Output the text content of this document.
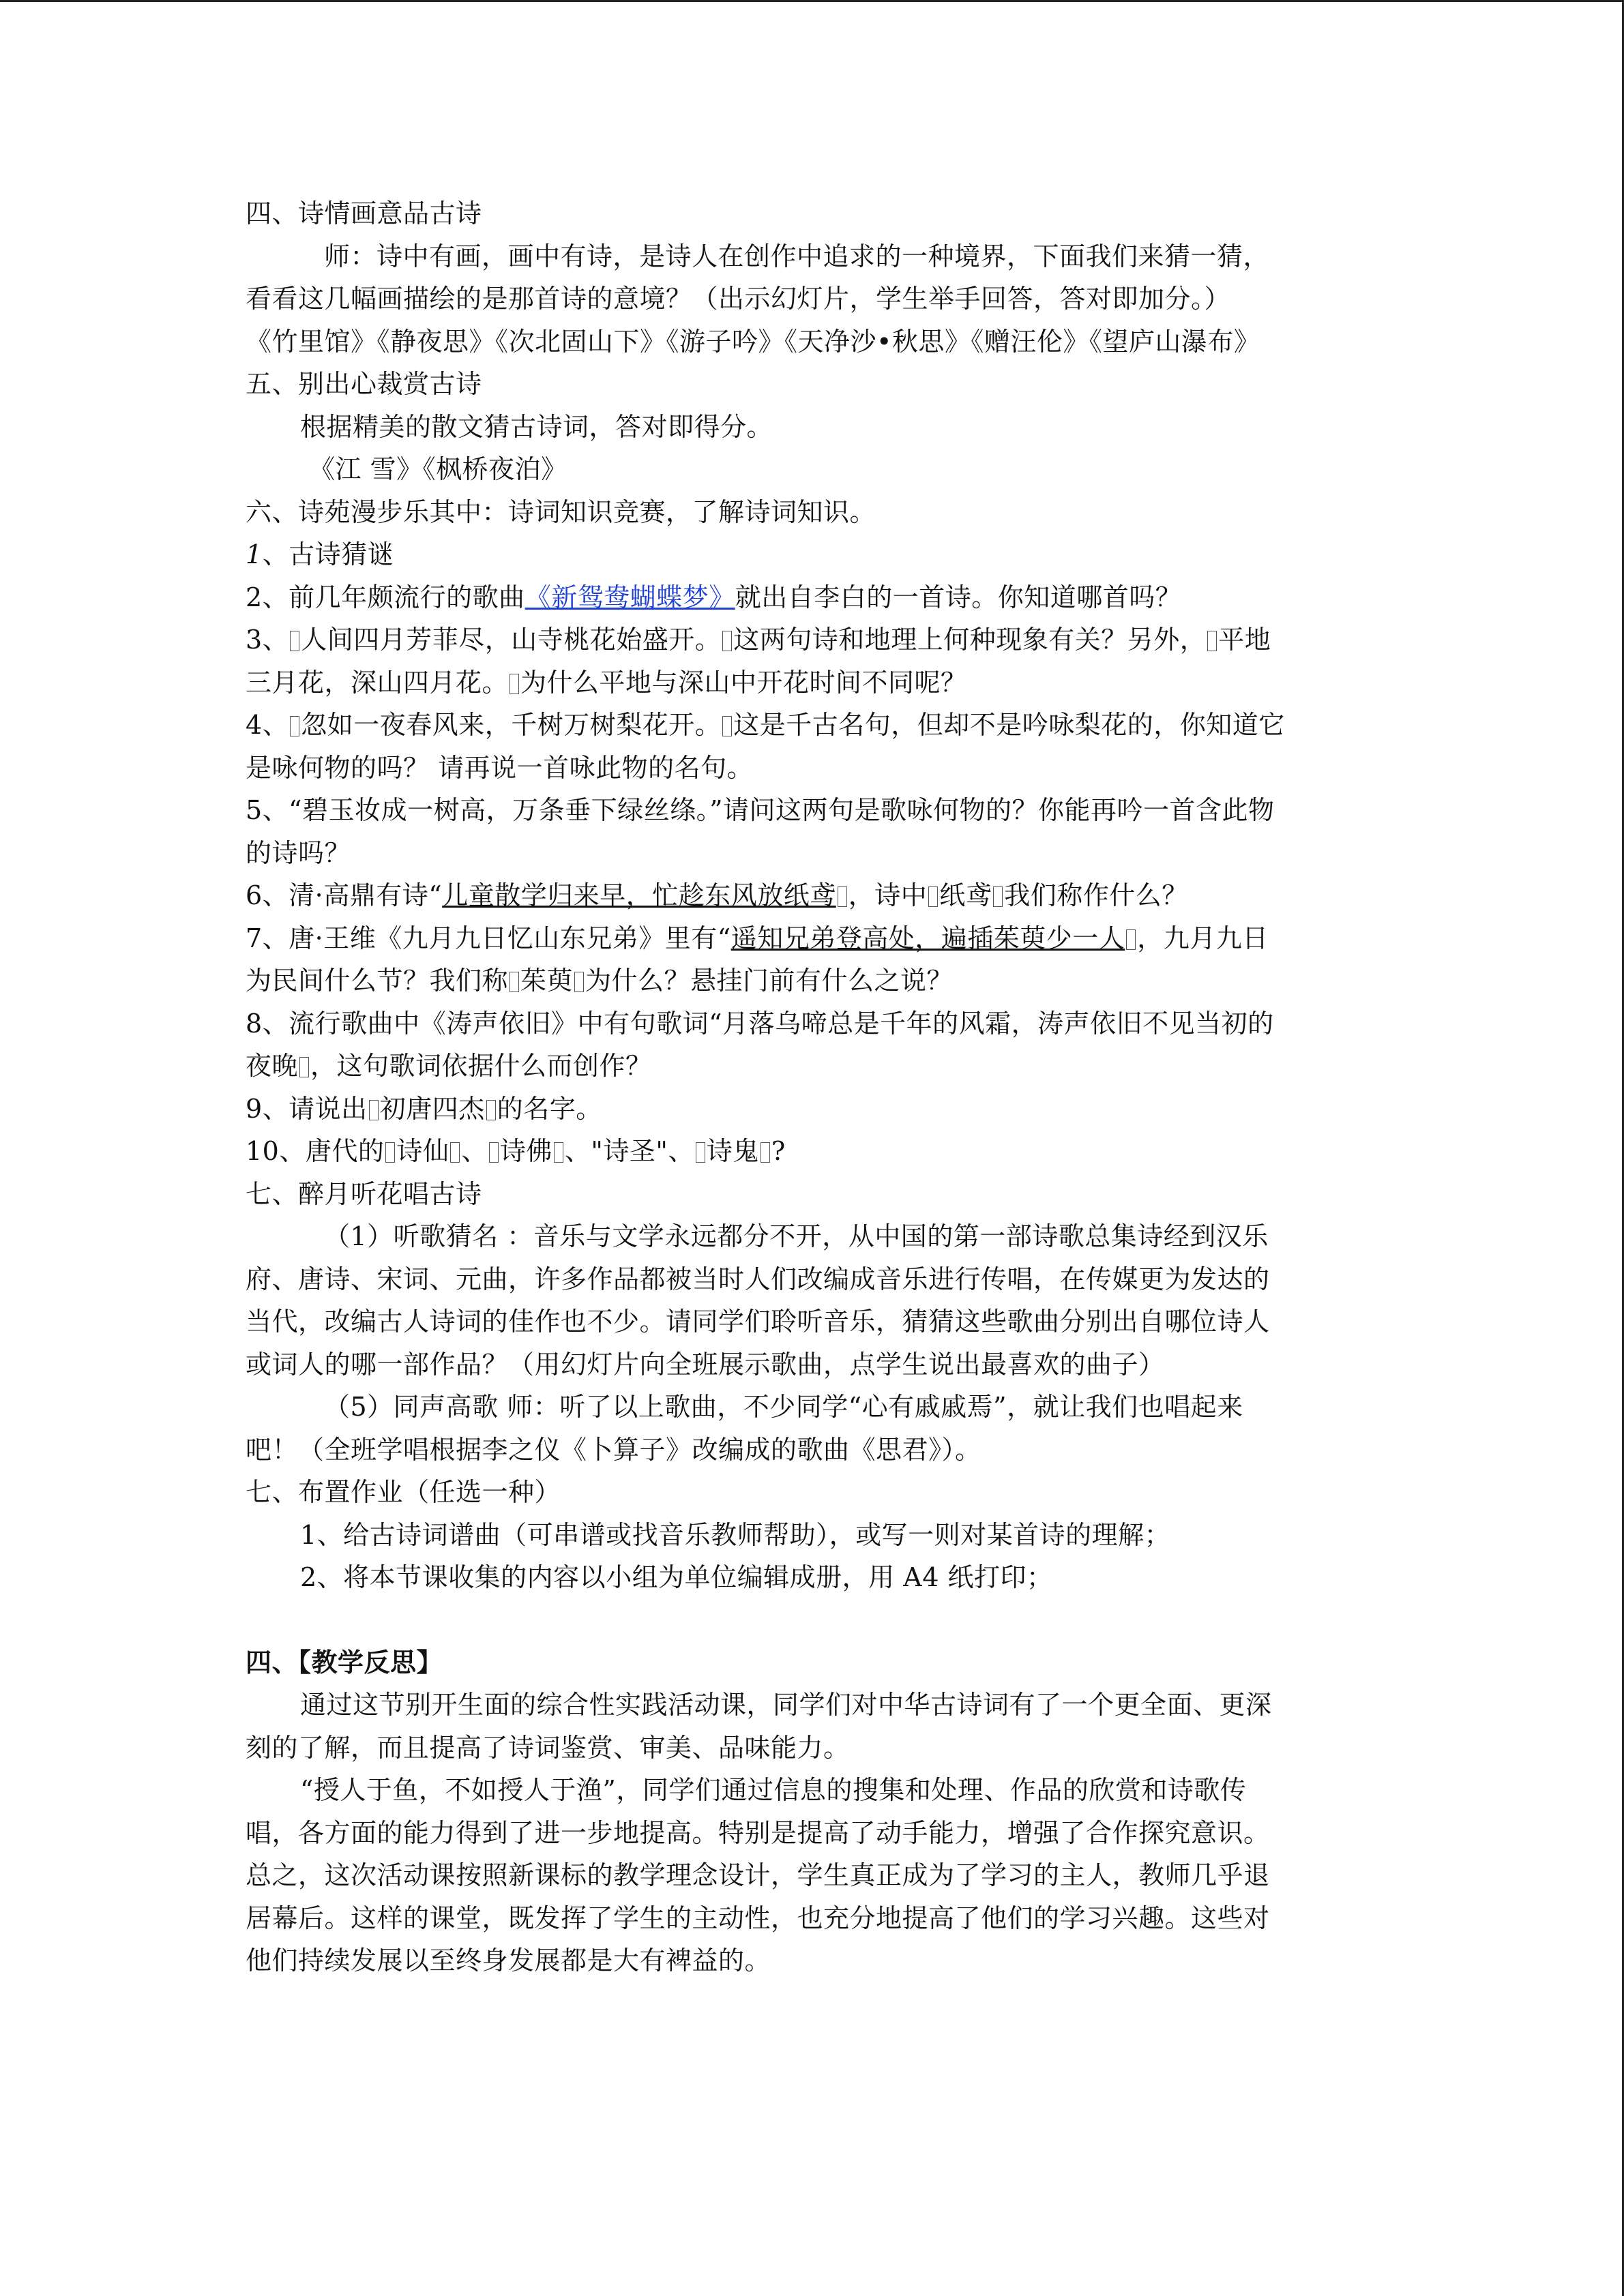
四、诗情画意品古诗
师：诗中有画，画中有诗，是诗人在创作中追求的一种境界，下面我们来猜一猜，
看看这几幅画描绘的是那首诗的意境？（出示幻灯片，学生举手回答，答对即加分。）
《竹里馆》《静夜思》《次北固山下》《游子吟》《天净沙•秋思》《赠汪伦》《望庐山瀑布》
五、别出心裁赏古诗
根据精美的散文猜古诗词，答对即得分。
《江 雪》《枫桥夜泊》
六、诗苑漫步乐其中：诗词知识竞赛，了解诗词知识。
1、古诗猜谜
2、前几年颇流行的歌曲《新鸳鸯蝴蝶梦》就出自李白的一首诗。你知道哪首吗？
3、 人间四月芳菲尽，山寺桃花始盛开。 这两句诗和地理上何种现象有关？另外， 平地
三月花，深山四月花。 为什么平地与深山中开花时间不同呢？
4、 忽如一夜春风来，千树万树梨花开。 这是千古名句，但却不是吟咏梨花的，你知道它
是咏何物的吗？ 请再说一首咏此物的名句。
5、“碧玉妆成一树高，万条垂下绿丝绦。”请问这两句是歌咏何物的？你能再吟一首含此物
的诗吗？
6、清·高鼎有诗“儿童散学归来早，忙趁东风放纸鸢 ，诗中 纸鸢 我们称作什么？
7、唐·王维《九月九日忆山东兄弟》里有“遥知兄弟登高处，遍插茱萸少一人 ，九月九日
为民间什么节？我们称 茱萸 为什么？悬挂门前有什么之说？
8、流行歌曲中《涛声依旧》中有句歌词“月落乌啼总是千年的风霜，涛声依旧不见当初的
夜晚 ，这句歌词依据什么而创作？
9、请说出 初唐四杰 的名字。
10、唐代的 诗仙 、 诗佛 、"诗圣"、 诗鬼 ?
七、醉月听花唱古诗
（1）听歌猜名 ：音乐与文学永远都分不开，从中国的第一部诗歌总集诗经到汉乐
府、唐诗、宋词、元曲，许多作品都被当时人们改编成音乐进行传唱，在传媒更为发达的
当代，改编古人诗词的佳作也不少。请同学们聆听音乐，猜猜这些歌曲分别出自哪位诗人
或词人的哪一部作品？（用幻灯片向全班展示歌曲，点学生说出最喜欢的曲子）
（5）同声高歌 师：听了以上歌曲，不少同学“心有戚戚焉”，就让我们也唱起来
吧！（全班学唱根据李之仪《卜算子》改编成的歌曲《思君》）。
七、布置作业（任选一种）
1、给古诗词谱曲（可串谱或找音乐教师帮助），或写一则对某首诗的理解；
2、将本节课收集的内容以小组为单位编辑成册，用 A4 纸打印；
四、【教学反思】
通过这节别开生面的综合性实践活动课，同学们对中华古诗词有了一个更全面、更深
刻的了解，而且提高了诗词鉴赏、审美、品味能力。
“授人于鱼，不如授人于渔”，同学们通过信息的搜集和处理、作品的欣赏和诗歌传
唱，各方面的能力得到了进一步地提高。特别是提高了动手能力，增强了合作探究意识。
总之，这次活动课按照新课标的教学理念设计，学生真正成为了学习的主人，教师几乎退
居幕后。这样的课堂，既发挥了学生的主动性，也充分地提高了他们的学习兴趣。这些对
他们持续发展以至终身发展都是大有裨益的。
